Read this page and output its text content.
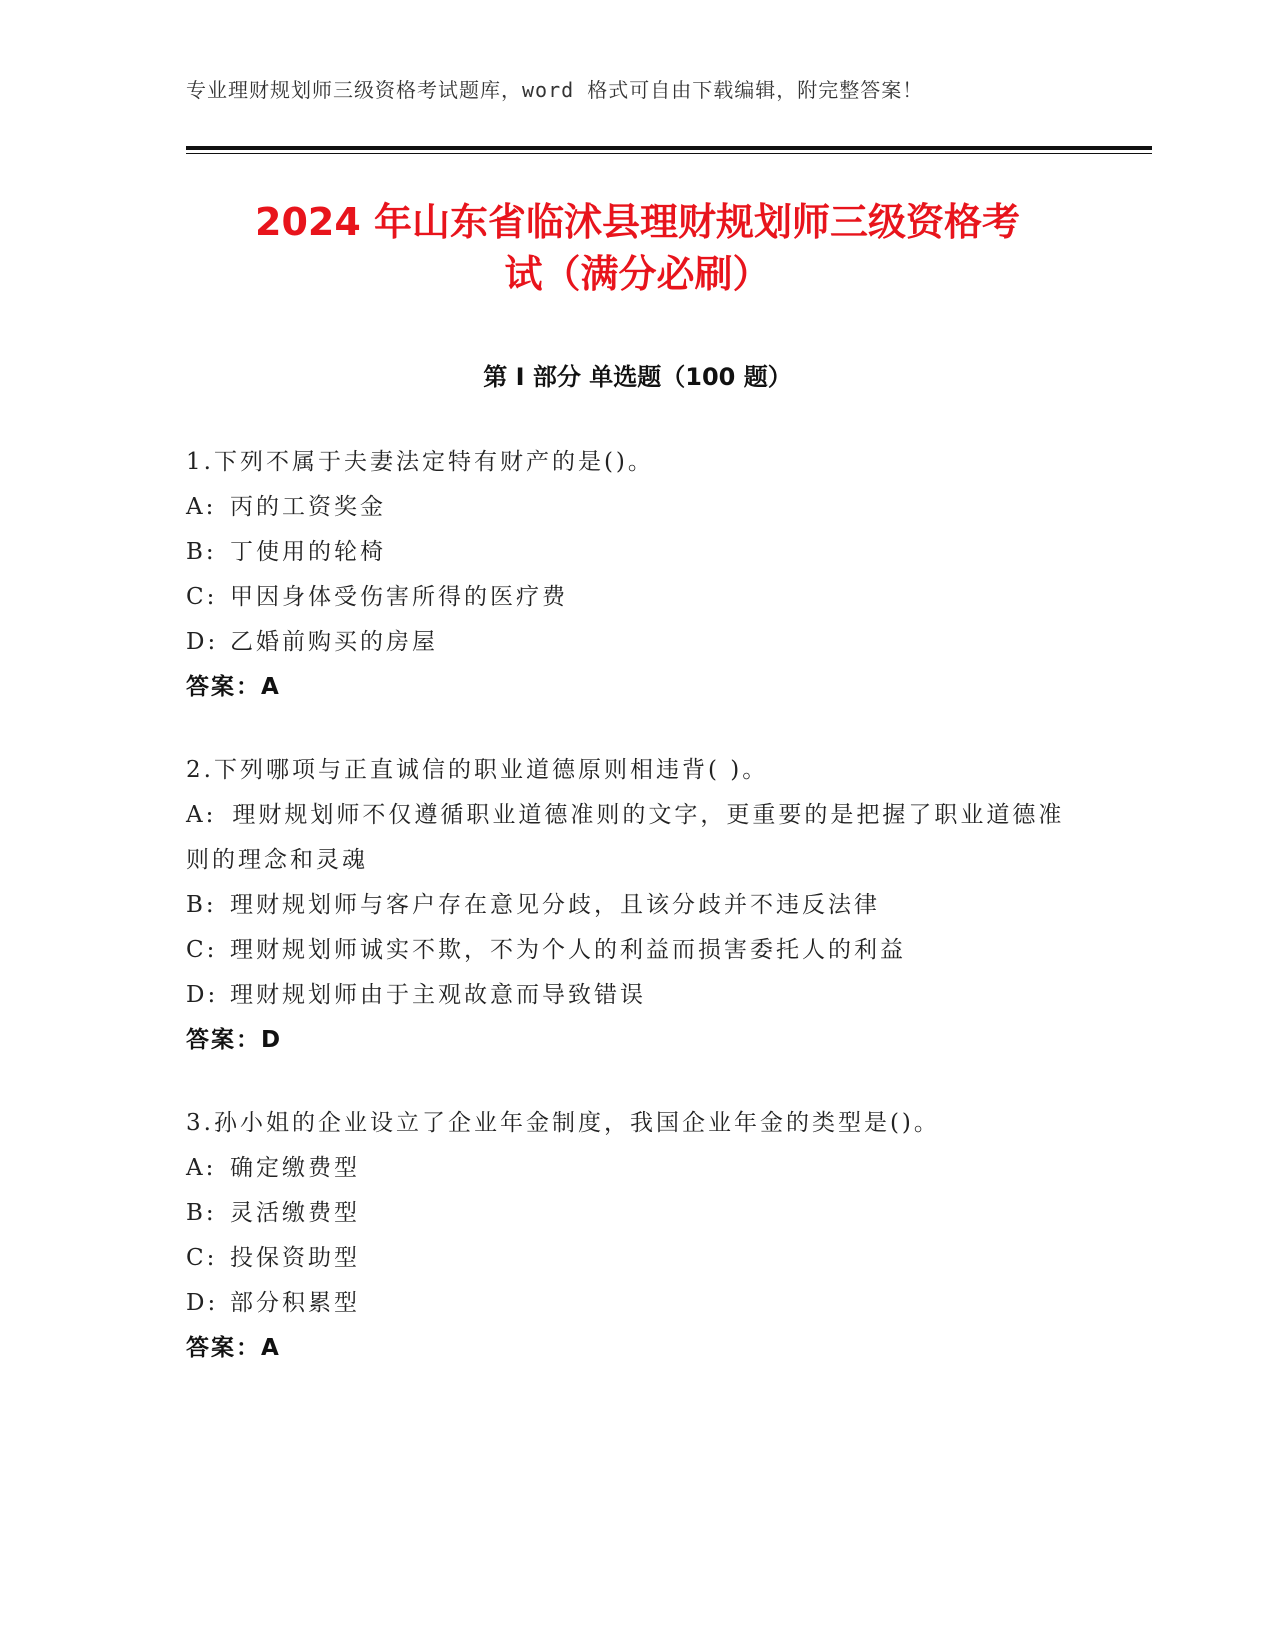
专业理财规划师三级资格考试题库，word 格式可自由下载编辑，附完整答案！
2024 年山东省临沭县理财规划师三级资格考
试（满分必刷）
第 I 部分 单选题（100 题）
1.下列不属于夫妻法定特有财产的是()。
A: 丙的工资奖金
B: 丁使用的轮椅
C: 甲因身体受伤害所得的医疗费
D: 乙婚前购买的房屋
答案：A
2.下列哪项与正直诚信的职业道德原则相违背( )。
A: 理财规划师不仅遵循职业道德准则的文字，更重要的是把握了职业道德准则的理念和灵魂
B: 理财规划师与客户存在意见分歧，且该分歧并不违反法律
C: 理财规划师诚实不欺，不为个人的利益而损害委托人的利益
D: 理财规划师由于主观故意而导致错误
答案：D
3.孙小姐的企业设立了企业年金制度，我国企业年金的类型是()。
A: 确定缴费型
B: 灵活缴费型
C: 投保资助型
D: 部分积累型
答案：A
